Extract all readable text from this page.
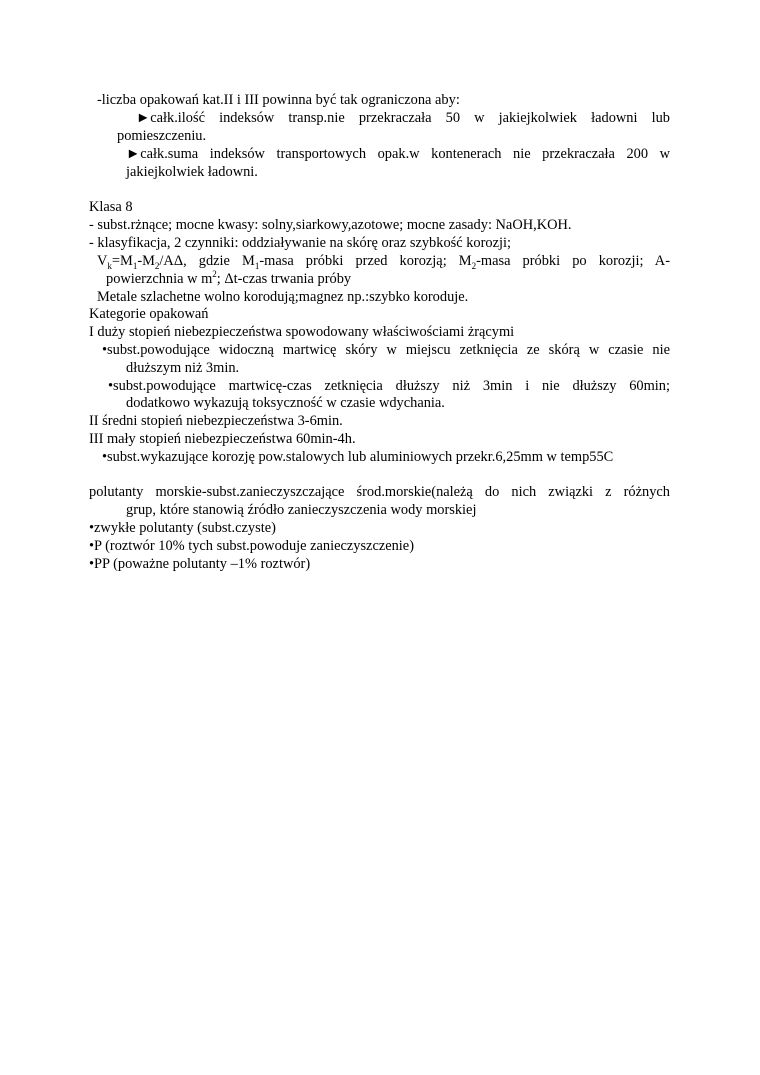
-liczba opakowań kat.II i III powinna być tak ograniczona aby:
►całk.ilość indeksów transp.nie przekraczała 50 w jakiejkolwiek ładowni lub
pomieszczeniu.
►całk.suma indeksów transportowych opak.w kontenerach nie przekraczała 200 w
jakiejkolwiek ładowni.
Klasa 8
- subst.rżnące; mocne kwasy: solny,siarkowy,azotowe; mocne zasady: NaOH,KOH.
- klasyfikacja, 2 czynniki: oddziaływanie na skórę oraz szybkość korozji;
$V_k=M_1-M_2/A\Delta$, gdzie $M_1$-masa próbki przed korozją; $M_2$-masa próbki po korozji; A-
powierzchnia w $m^2$; Δt-czas trwania próby
Metale szlachetne wolno korodują;magnez np.:szybko koroduje.
Kategorie opakowań
I duży stopień niebezpieczeństwa spowodowany właściwościami żrącymi
•subst.powodujące widoczną martwicę skóry w miejscu zetknięcia ze skórą w czasie nie
dłuższym niż 3min.
•subst.powodujące martwicę-czas zetknięcia dłuższy niż 3min i nie dłuższy 60min;
dodatkowo wykazują toksyczność w czasie wdychania.
II średni stopień niebezpieczeństwa 3-6min.
III mały stopień niebezpieczeństwa 60min-4h.
•subst.wykazujące korozję pow.stalowych lub aluminiowych przekr.6,25mm w temp55C
polutanty morskie-subst.zanieczyszczające środ.morskie(należą do nich związki z różnych
grup, które stanowią źródło zanieczyszczenia wody morskiej
•zwykłe polutanty (subst.czyste)
•P (roztwór 10% tych subst.powoduje zanieczyszczenie)
•PP (poważne polutanty –1% roztwór)
